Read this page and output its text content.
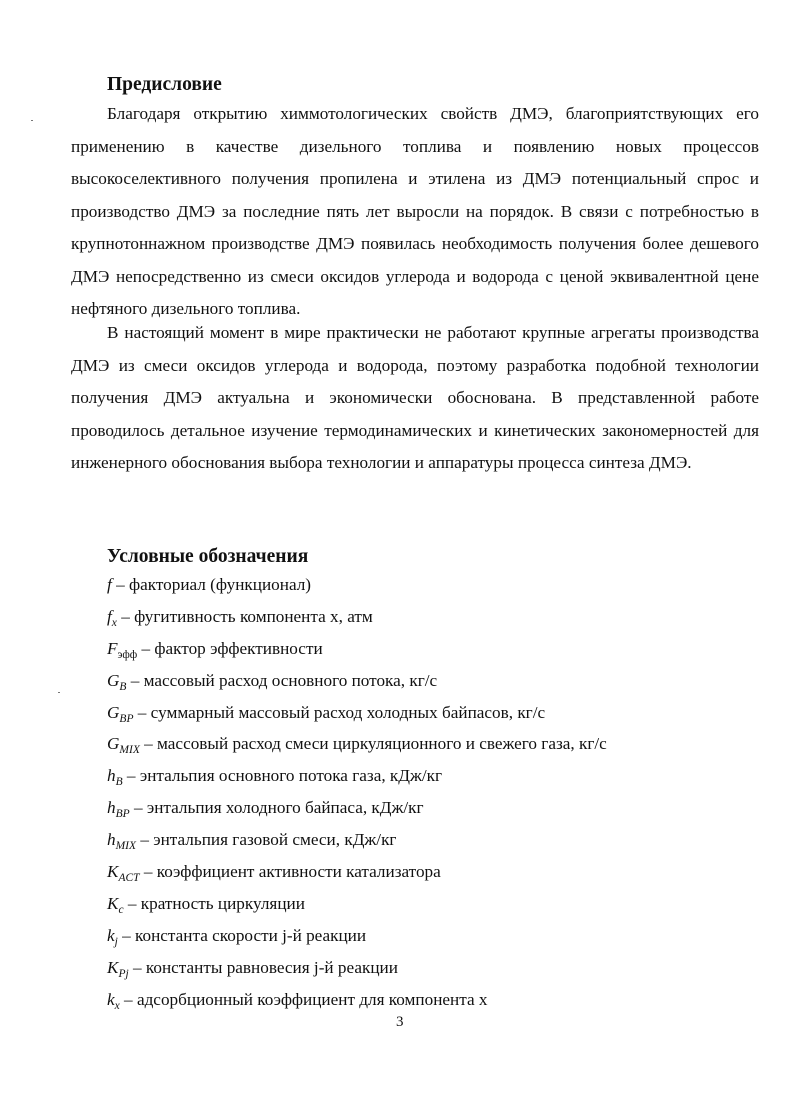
Предисловие

Благодаря открытию химмотологических свойств ДМЭ, благоприятствующих его применению в качестве дизельного топлива и появлению новых процессов высокоселективного получения пропилена и этилена из ДМЭ потенциальный спрос и производство ДМЭ за последние пять лет выросли на порядок. В связи с потребностью в крупнотоннажном производстве ДМЭ появилась необходимость получения более дешевого ДМЭ непосредственно из смеси оксидов углерода и водорода с ценой эквивалентной цене нефтяного дизельного топлива.

В настоящий момент в мире практически не работают крупные агрегаты производства ДМЭ из смеси оксидов углерода и водорода, поэтому разработка подобной технологии получения ДМЭ актуальна и экономически обоснована. В представленной работе проводилось детальное изучение термодинамических и кинетических закономерностей для инженерного обоснования выбора технологии и аппаратуры процесса синтеза ДМЭ.

Условные обозначения
f – факториал (функционал)
$f_x$ – фугитивность компонента x, атм
$F_{эфф}$ – фактор эффективности
$G_B$ – массовый расход основного потока, кг/с
$G_{BP}$ – суммарный массовый расход холодных байпасов, кг/с
$G_{MIX}$ – массовый расход смеси циркуляционного и свежего газа, кг/с
$h_B$ – энтальпия основного потока газа, кДж/кг
$h_{BP}$ – энтальпия холодного байпаса, кДж/кг
$h_{MIX}$ – энтальпия газовой смеси, кДж/кг
$K_{ACT}$ – коэффициент активности катализатора
$K_c$ – кратность циркуляции
$k_j$ – константа скорости j-й реакции
$K_{Pj}$ – константы равновесия j-й реакции
$k_x$ – адсорбционный коэффициент для компонента x
3
